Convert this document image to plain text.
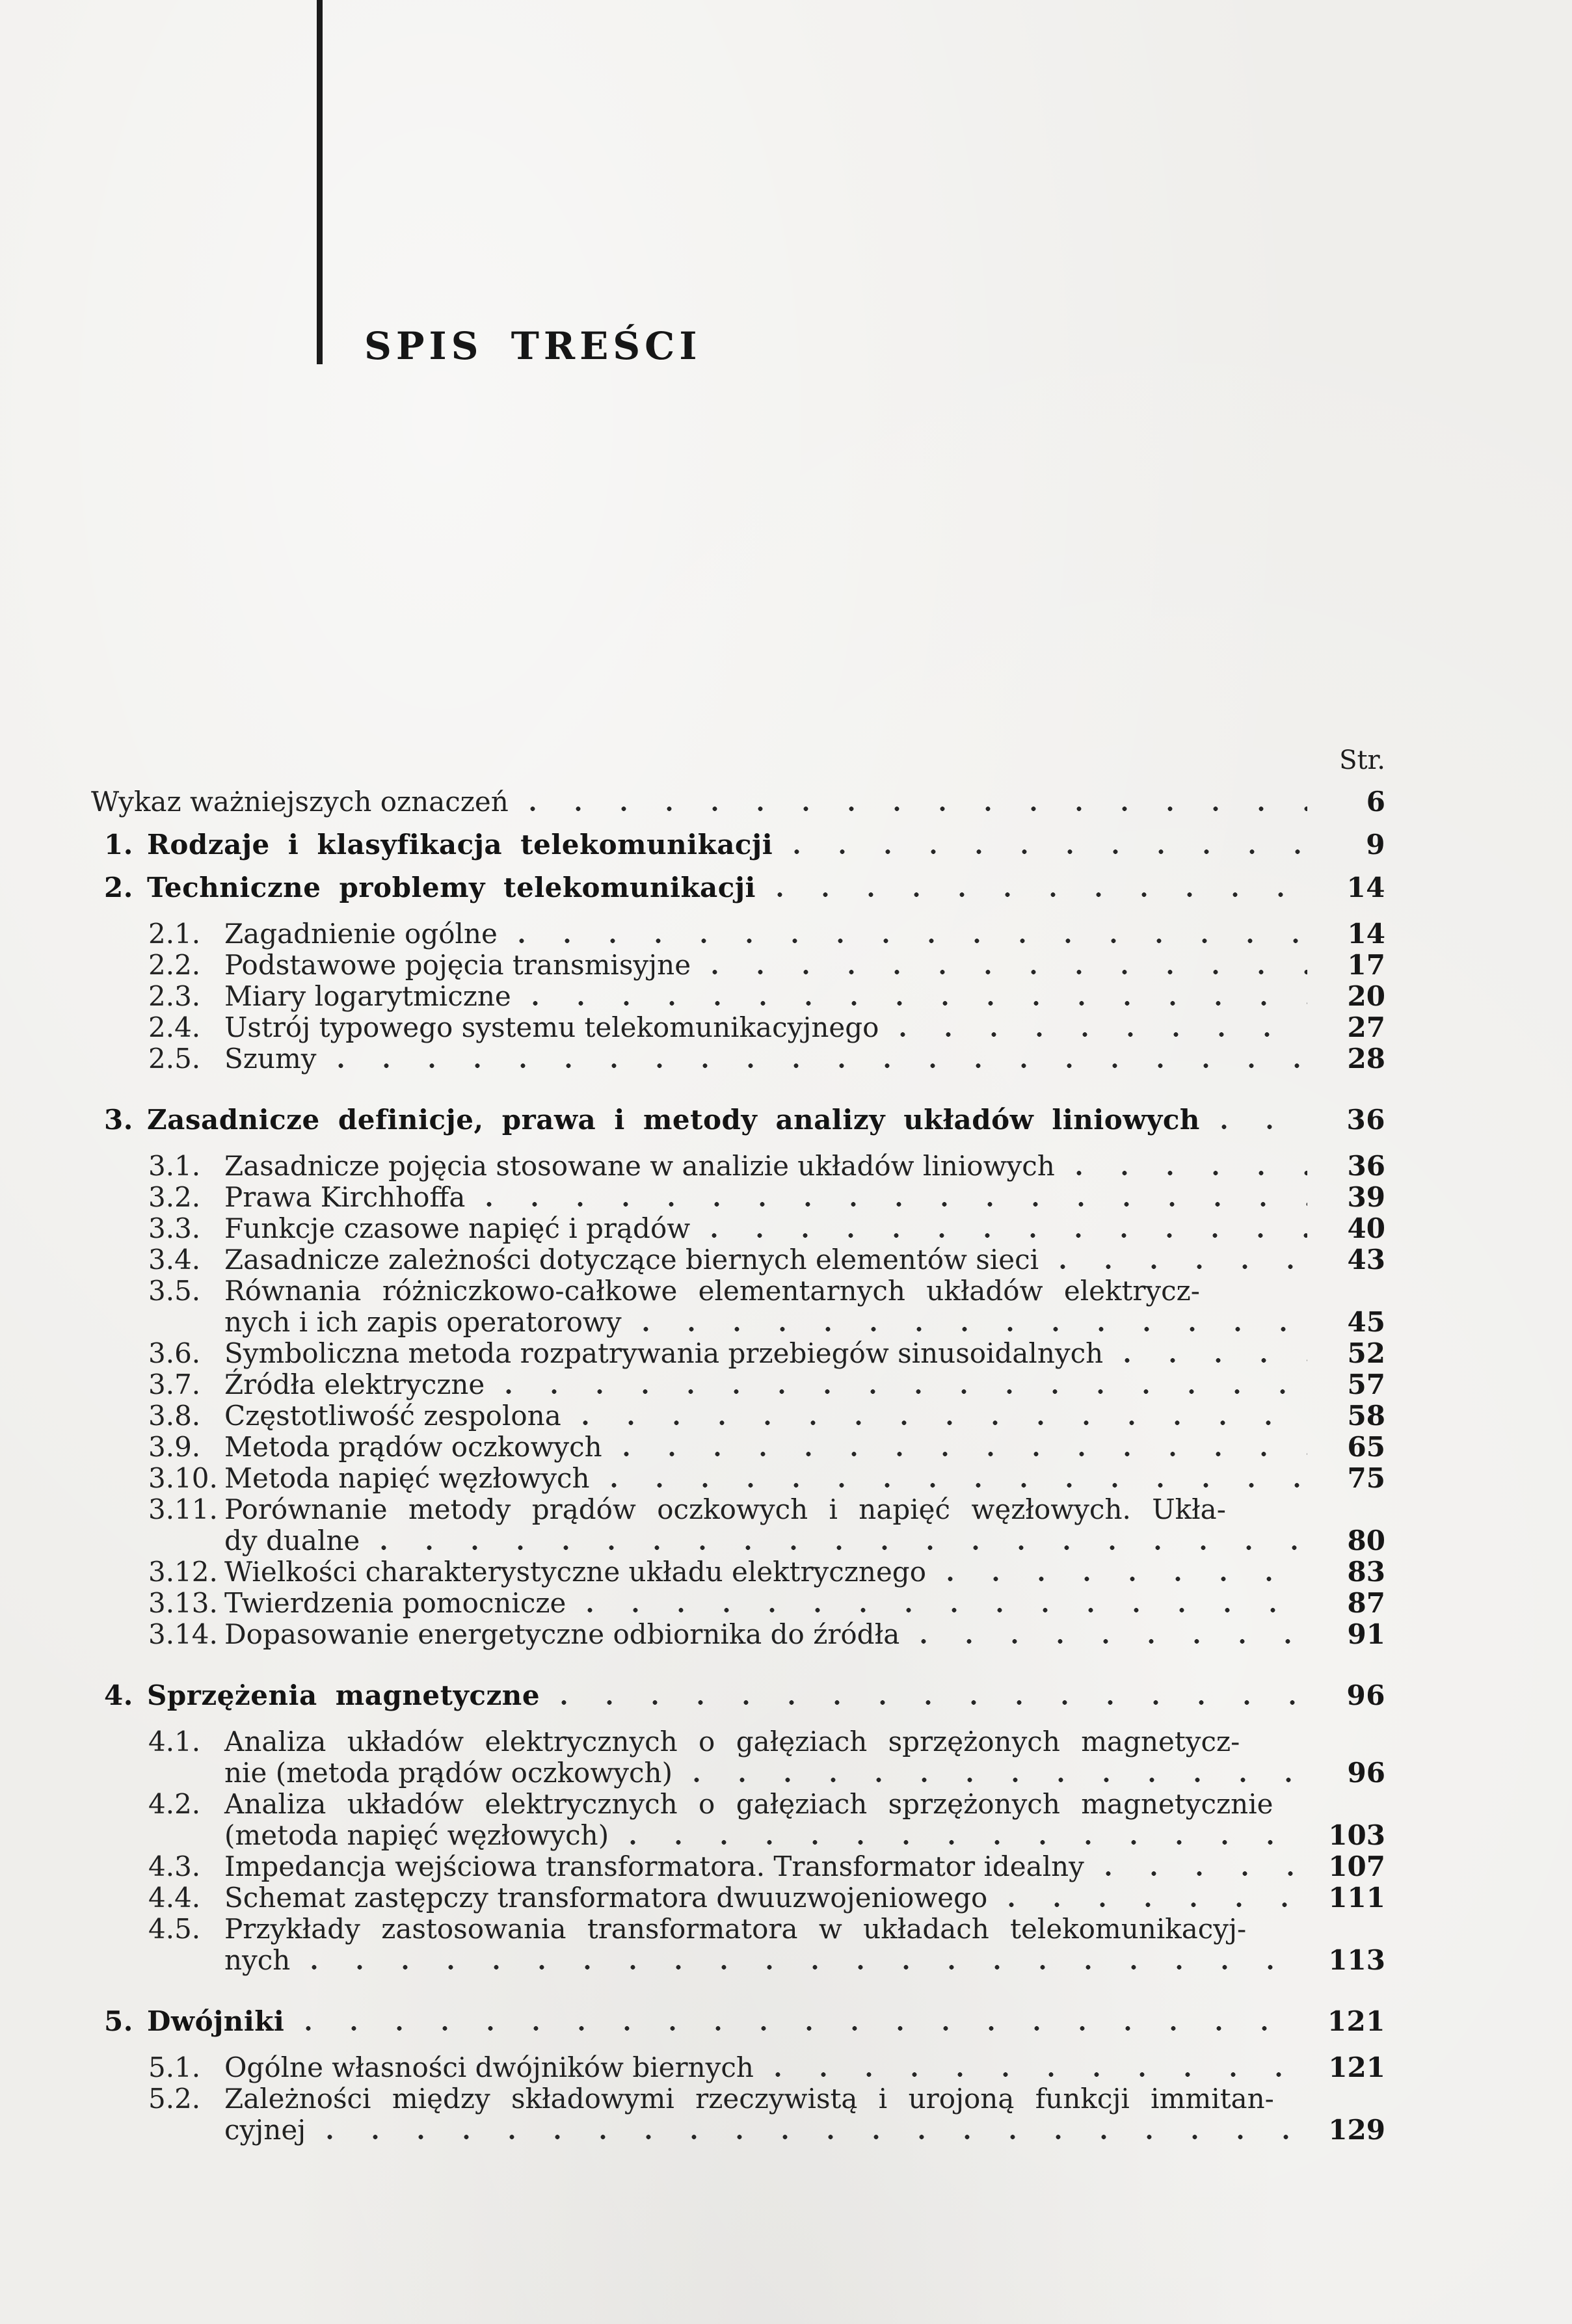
SPIS TREŚCI
Str.
Wykaz ważniejszych oznaczeń	6
1. Rodzaje i klasyfikacja telekomunikacji	9
2. Techniczne problemy telekomunikacji	14
2.1. Zagadnienie ogólne	14
2.2. Podstawowe pojęcia transmisyjne	17
2.3. Miary logarytmiczne	20
2.4. Ustrój typowego systemu telekomunikacyjnego	27
2.5. Szumy	28
3. Zasadnicze definicje, prawa i metody analizy układów liniowych	36
3.1. Zasadnicze pojęcia stosowane w analizie układów liniowych	36
3.2. Prawa Kirchhoffa	39
3.3. Funkcje czasowe napięć i prądów	40
3.4. Zasadnicze zależności dotyczące biernych elementów sieci	43
3.5. Równania różniczkowo-całkowe elementarnych układów elektrycz-
nych i ich zapis operatorowy	45
3.6. Symboliczna metoda rozpatrywania przebiegów sinusoidalnych	52
3.7. Źródła elektryczne	57
3.8. Częstotliwość zespolona	58
3.9. Metoda prądów oczkowych	65
3.10. Metoda napięć węzłowych	75
3.11. Porównanie metody prądów oczkowych i napięć węzłowych. Ukła-
dy dualne	80
3.12. Wielkości charakterystyczne układu elektrycznego	83
3.13. Twierdzenia pomocnicze	87
3.14. Dopasowanie energetyczne odbiornika do źródła	91
4. Sprzężenia magnetyczne	96
4.1. Analiza układów elektrycznych o gałęziach sprzężonych magnetycz-
nie (metoda prądów oczkowych)	96
4.2. Analiza układów elektrycznych o gałęziach sprzężonych magnetycznie
(metoda napięć węzłowych)	103
4.3. Impedancja wejściowa transformatora. Transformator idealny	107
4.4. Schemat zastępczy transformatora dwuuzwojeniowego	111
4.5. Przykłady zastosowania transformatora w układach telekomunikacyj-
nych	113
5. Dwójniki	121
5.1. Ogólne własności dwójników biernych	121
5.2. Zależności między składowymi rzeczywistą i urojoną funkcji immitan-
cyjnej	129
